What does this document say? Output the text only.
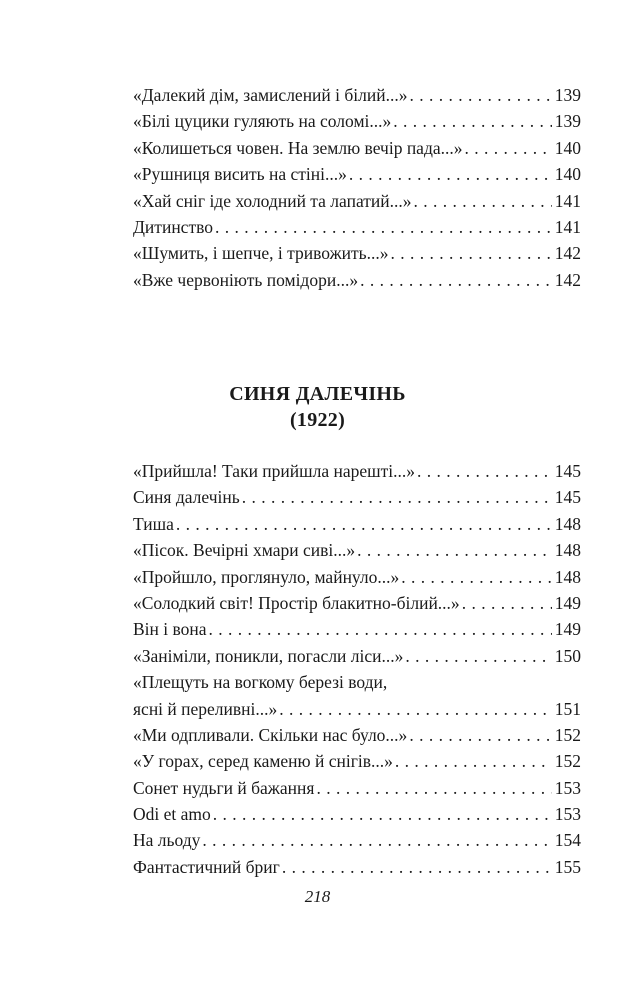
«Далекий дім, замислений і білий...» . . .	139
«Білі цуцики гуляють на соломі...» . . .	139
«Колишеться човен. На землю вечір пада...» . . .	140
«Рушниця висить на стіні...» . . .	140
«Хай сніг іде холодний та лапатий...» . . .	141
Дитинство . . .	141
«Шумить, і шепче, і тривожить...» . . .	142
«Вже червоніють помідори...» . . .	142
СИНЯ ДАЛЕЧІНЬ
(1922)
«Прийшла! Таки прийшла нарешті...» . . .	145
Синя далечінь . . .	145
Тиша . . .	148
«Пісок. Вечірні хмари сиві...» . . .	148
«Пройшло, проглянуло, майнуло...» . . .	148
«Солодкий світ! Простір блакитно-білий...» . . .	149
Він і вона . . .	149
«Заніміли, поникли, погасли ліси...» . . .	150
«Плещуть на вогкому березі води,
ясні й переливні...» . . .	151
«Ми одпливали. Скільки нас було...» . . .	152
«У горах, серед каменю й снігів...» . . .	152
Сонет нудьги й бажання . . .	153
Odi et amo . . .	153
На льоду . . .	154
Фантастичний бриг . . .	155
218
